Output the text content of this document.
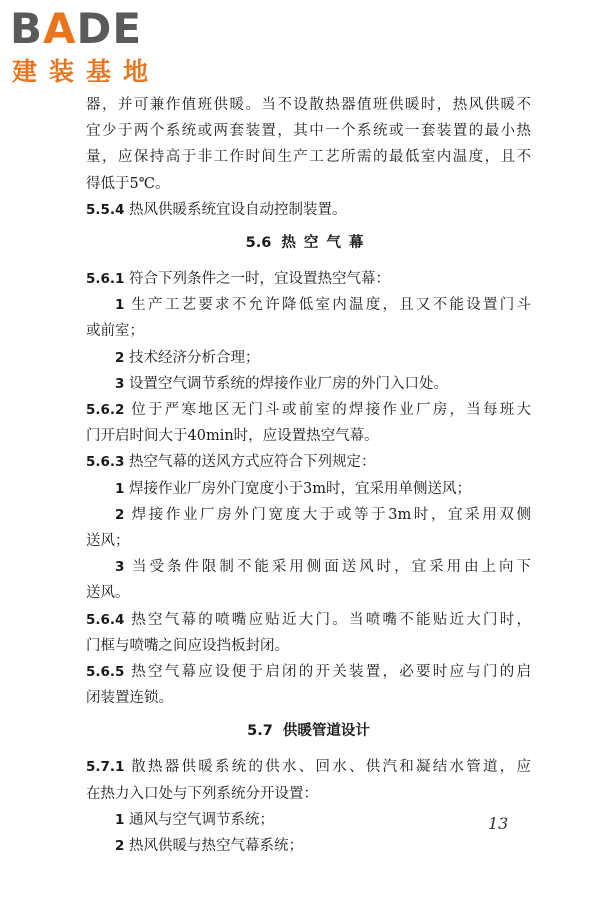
BADE
建装基地
器，并可兼作值班供暖。当不设散热器值班供暖时，热风供暖不
宜少于两个系统或两套装置，其中一个系统或一套装置的最小热
量，应保持高于非工作时间生产工艺所需的最低室内温度，且不
得低于5℃。
5.5.4 热风供暖系统宜设自动控制装置。
5.6 热空气幕
5.6.1 符合下列条件之一时，宜设置热空气幕：
1 生产工艺要求不允许降低室内温度，且又不能设置门斗
或前室；
2 技术经济分析合理；
3 设置空气调节系统的焊接作业厂房的外门入口处。
5.6.2 位于严寒地区无门斗或前室的焊接作业厂房，当每班大
门开启时间大于40min时，应设置热空气幕。
5.6.3 热空气幕的送风方式应符合下列规定：
1 焊接作业厂房外门宽度小于3m时，宜采用单侧送风；
2 焊接作业厂房外门宽度大于或等于3m时，宜采用双侧
送风；
3 当受条件限制不能采用侧面送风时，宜采用由上向下
送风。
5.6.4 热空气幕的喷嘴应贴近大门。当喷嘴不能贴近大门时，
门框与喷嘴之间应设挡板封闭。
5.6.5 热空气幕应设便于启闭的开关装置，必要时应与门的启
闭装置连锁。
5.7 供暖管道设计
5.7.1 散热器供暖系统的供水、回水、供汽和凝结水管道，应
在热力入口处与下列系统分开设置：
1 通风与空气调节系统；
2 热风供暖与热空气幕系统；
13
